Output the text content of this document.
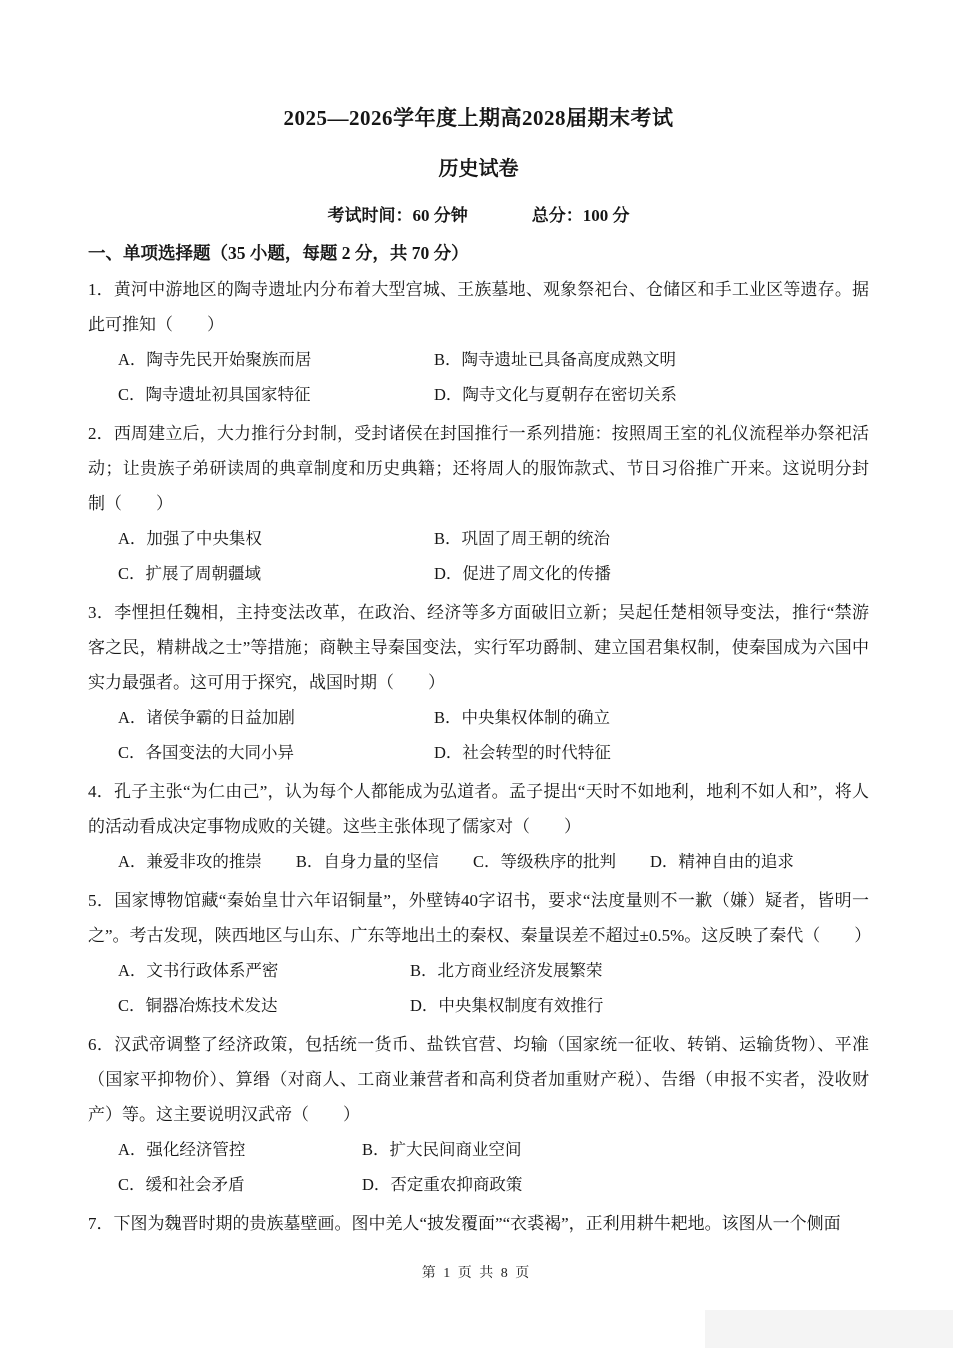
2025—2026学年度上期高2028届期末考试
历史试卷
考试时间：60 分钟	总分：100 分
一、单项选择题（35 小题，每题 2 分，共 70 分）

1．黄河中游地区的陶寺遗址内分布着大型宫城、王族墓地、观象祭祀台、仓储区和手工业区等遗存。据此可推知（　　）

A．陶寺先民开始聚族而居	B．陶寺遗址已具备高度成熟文明
C．陶寺遗址初具国家特征	D．陶寺文化与夏朝存在密切关系

2．西周建立后，大力推行分封制，受封诸侯在封国推行一系列措施：按照周王室的礼仪流程举办祭祀活动；让贵族子弟研读周的典章制度和历史典籍；还将周人的服饰款式、节日习俗推广开来。这说明分封制（　　）

A．加强了中央集权	B．巩固了周王朝的统治
C．扩展了周朝疆域	D．促进了周文化的传播

3．李悝担任魏相，主持变法改革，在政治、经济等多方面破旧立新；吴起任楚相领导变法，推行“禁游客之民，精耕战之士”等措施；商鞅主导秦国变法，实行军功爵制、建立国君集权制，使秦国成为六国中实力最强者。这可用于探究，战国时期（　　）

A．诸侯争霸的日益加剧	B．中央集权体制的确立
C．各国变法的大同小异	D．社会转型的时代特征

4．孔子主张“为仁由己”，认为每个人都能成为弘道者。孟子提出“天时不如地利，地利不如人和”，将人的活动看成决定事物成败的关键。这些主张体现了儒家对（　　）

A．兼爱非攻的推崇 B．自身力量的坚信 C．等级秩序的批判 D．精神自由的追求

5．国家博物馆藏“秦始皇廿六年诏铜量”，外壁铸40字诏书，要求“法度量则不一歉（嫌）疑者，皆明一之”。考古发现，陕西地区与山东、广东等地出土的秦权、秦量误差不超过±0.5%。这反映了秦代（　　）

A．文书行政体系严密	B．北方商业经济发展繁荣
C．铜器冶炼技术发达	D．中央集权制度有效推行

6．汉武帝调整了经济政策，包括统一货币、盐铁官营、均输（国家统一征收、转销、运输货物）、平准（国家平抑物价）、算缗（对商人、工商业兼营者和高利贷者加重财产税）、告缗（申报不实者，没收财产）等。这主要说明汉武帝（　　）

A．强化经济管控	B．扩大民间商业空间
C．缓和社会矛盾	D．否定重农抑商政策

7．下图为魏晋时期的贵族墓壁画。图中羌人“披发覆面”“衣裘褐”，正利用耕牛耙地。该图从一个侧面

第 1 页 共 8 页
